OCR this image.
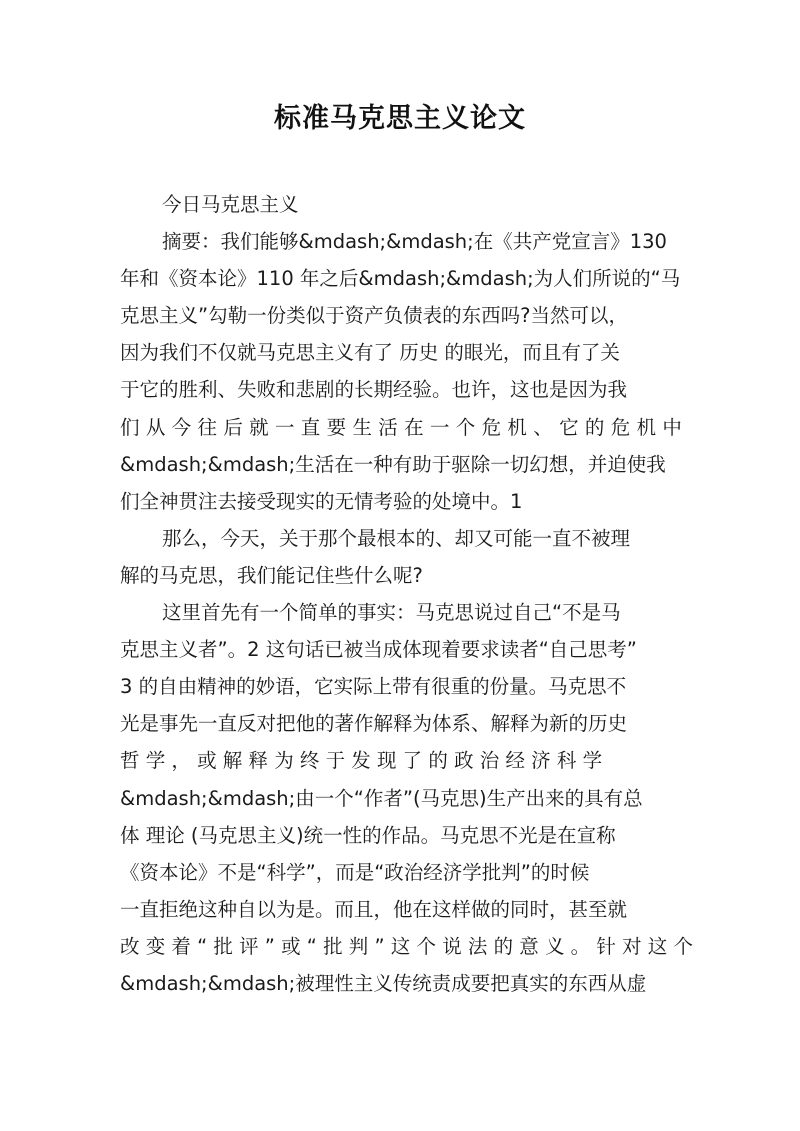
标准马克思主义论文
今日马克思主义
摘要：我们能够&mdash;&mdash;在《共产党宣言》130
年和《资本论》110 年之后&mdash;&mdash;为人们所说的“马
克思主义”勾勒一份类似于资产负债表的东西吗?当然可以，
因为我们不仅就马克思主义有了 历史 的眼光，而且有了关
于它的胜利、失败和悲剧的长期经验。也许，这也是因为我
们 从 今 往 后 就 一 直 要 生 活 在 一 个 危 机 、 它 的 危 机 中
&mdash;&mdash;生活在一种有助于驱除一切幻想，并迫使我
们全神贯注去接受现实的无情考验的处境中。1
那么，今天，关于那个最根本的、却又可能一直不被理
解的马克思，我们能记住些什么呢?
这里首先有一个简单的事实：马克思说过自己“不是马
克思主义者”。2 这句话已被当成体现着要求读者“自己思考”
3 的自由精神的妙语，它实际上带有很重的份量。马克思不
光是事先一直反对把他的著作解释为体系、解释为新的历史
哲 学 ， 或 解 释 为 终 于 发 现 了 的 政 治 经 济 科 学
&mdash;&mdash;由一个“作者”(马克思)生产出来的具有总
体 理论 (马克思主义)统一性的作品。马克思不光是在宣称
《资本论》不是“科学”，而是“政治经济学批判”的时候
一直拒绝这种自以为是。而且，他在这样做的同时，甚至就
改 变 着 “ 批 评 ” 或 “ 批 判 ” 这 个 说 法 的 意 义 。 针 对 这 个
&mdash;&mdash;被理性主义传统责成要把真实的东西从虚
